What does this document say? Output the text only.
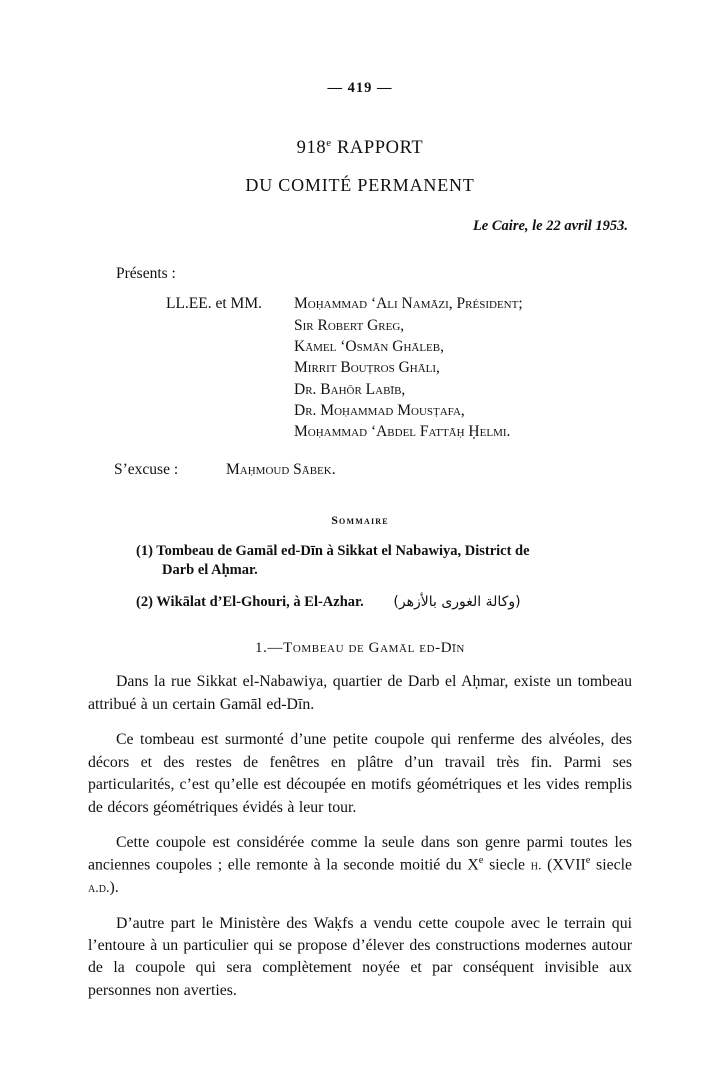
— 419 —
918e RAPPORT
DU COMITÉ PERMANENT
Le Caire, le 22 avril 1953.
Présents :
LL.EE. et MM. Moḥammad ‘Ali Namāzi, Président;
Sir Robert Greg,
Kāmel ‘Osmān Ghāleb,
Mirrit Bouṭros Ghāli,
Dr. Bahōr Labīb,
Dr. Moḥammad Mousṭafa,
Moḥammad ‘Abdel Fattāḥ Ḥelmi.
S’excuse :	Maḥmoud Sābek.
Sommaire
(1) Tombeau de Gamāl ed-Dīn à Sikkat el Nabawiya, District de
Darb el Aḥmar.
(2) Wikālat d’El-Ghouri, à El-Azhar. (وكالة الغورى بالأزهر)
1.—Tombeau de Gamāl ed-Dīn

Dans la rue Sikkat el-Nabawiya, quartier de Darb el Aḥmar, existe un tombeau attribué à un certain Gamāl ed-Dīn.

Ce tombeau est surmonté d’une petite coupole qui renferme des alvéoles, des décors et des restes de fenêtres en plâtre d’un travail très fin. Parmi ses particularités, c’est qu’elle est découpée en motifs géométriques et les vides remplis de décors géométriques évidés à leur tour.

Cette coupole est considérée comme la seule dans son genre parmi toutes les anciennes coupoles ; elle remonte à la seconde moitié du Xe siecle h. (XVIIe siecle a.d.).

D’autre part le Ministère des Waḳfs a vendu cette coupole avec le terrain qui l’entoure à un particulier qui se propose d’élever des constructions modernes autour de la coupole qui sera complètement noyée et par conséquent invisible aux personnes non averties.
